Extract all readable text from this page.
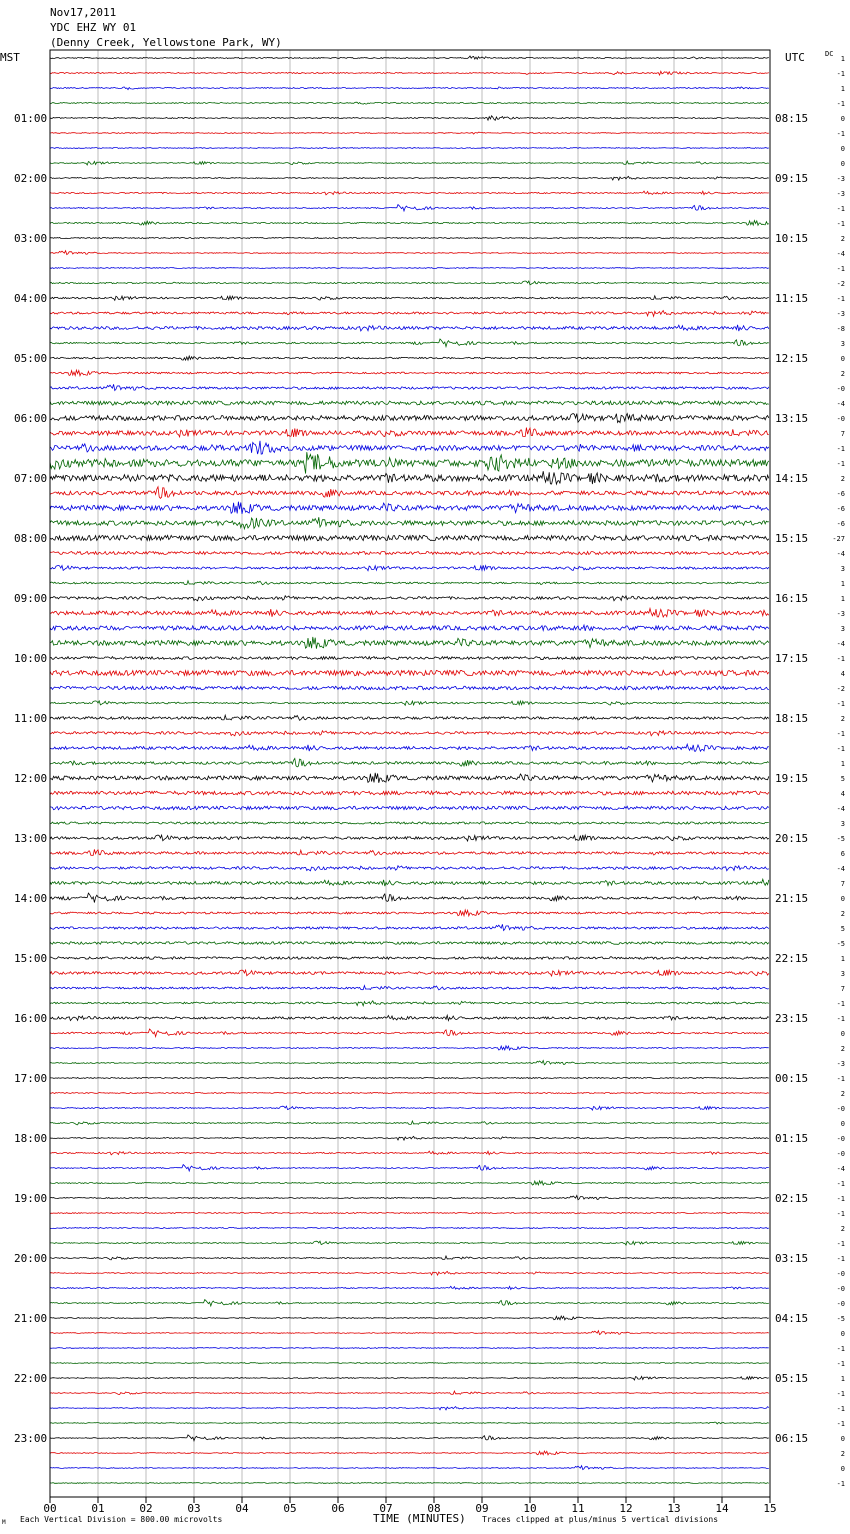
Nov17,2011
YDC EHZ WY 01
(Denny Creek, Yellowstone Park, WY)
MST	UTC	DC
01:00
02:00
03:00
04:00
05:00
06:00
07:00
08:00
09:00
10:00
11:00
12:00
13:00
14:00
15:00
16:00
17:00
18:00
19:00
20:00
21:00
22:00
23:00
08:15
09:15
10:15
11:15
12:15
13:15
14:15
15:15
16:15
17:15
18:15
19:15
20:15
21:15
22:15
23:15
00:15
01:15
02:15
03:15
04:15
05:15
06:15
1
-1
1
-1
0
-1
0
0
-3
-3
-1
-1
2
-4
-1
-2
-1
-3
-8
3
0
2
-0
-4
-0
7
-1
-1
2
-6
-6
-6
-27
-4
3
1
1
-3
3
-4
-1
4
-2
-1
2
-1
-1
1
5
4
-4
3
-5
6
-4
7
0
2
5
-5
1
3
7
-1
-1
0
2
-3
-1
2
-0
0
-0
-0
-4
-1
-1
-1
2
-1
-1
-0
-0
-0
-5
0
-1
-1
1
-1
-1
-1
0
2
0
-1
00	01	02	03	04	05	06	07	08	09	10	11	12	13	14	15
M Each Vertical Division = 800.00 microvolts	TIME (MINUTES) Traces clipped at plus/minus 5 vertical divisions
